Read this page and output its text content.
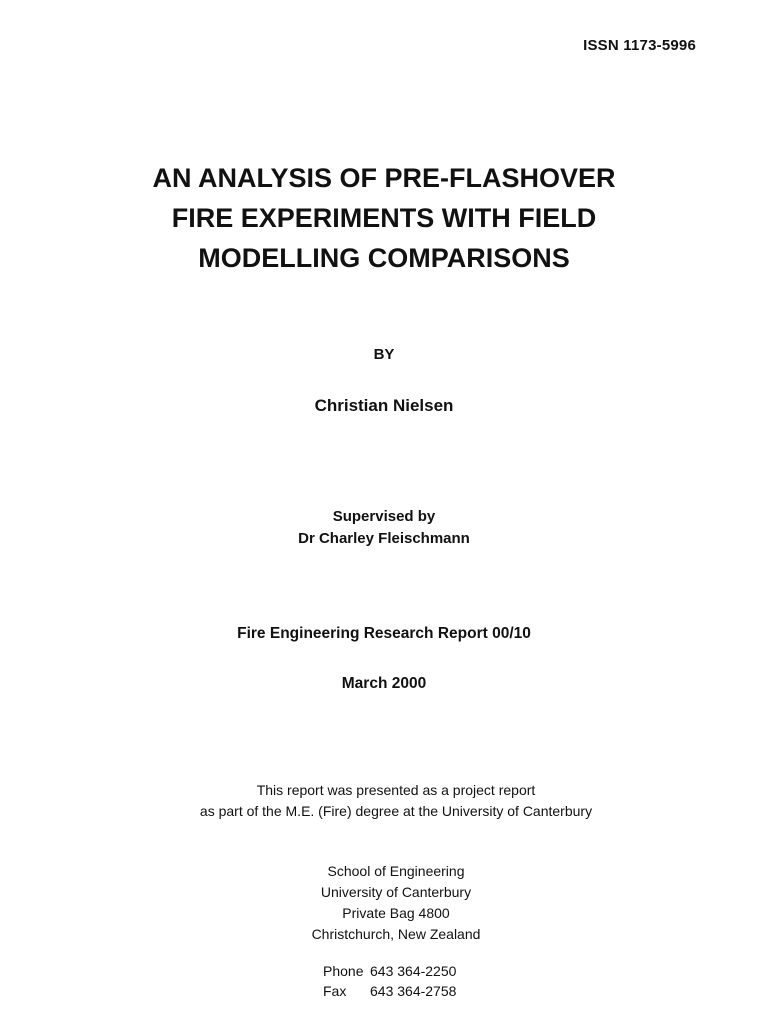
ISSN 1173-5996
AN ANALYSIS OF PRE-FLASHOVER
FIRE EXPERIMENTS WITH FIELD
MODELLING COMPARISONS
BY
Christian Nielsen
Supervised by
Dr Charley Fleischmann
Fire Engineering Research Report 00/10
March 2000
This report was presented as a project report
as part of the M.E. (Fire) degree at the University of Canterbury
School of Engineering
University of Canterbury
Private Bag 4800
Christchurch, New Zealand
Phone 643 364-2250
Fax 643 364-2758
